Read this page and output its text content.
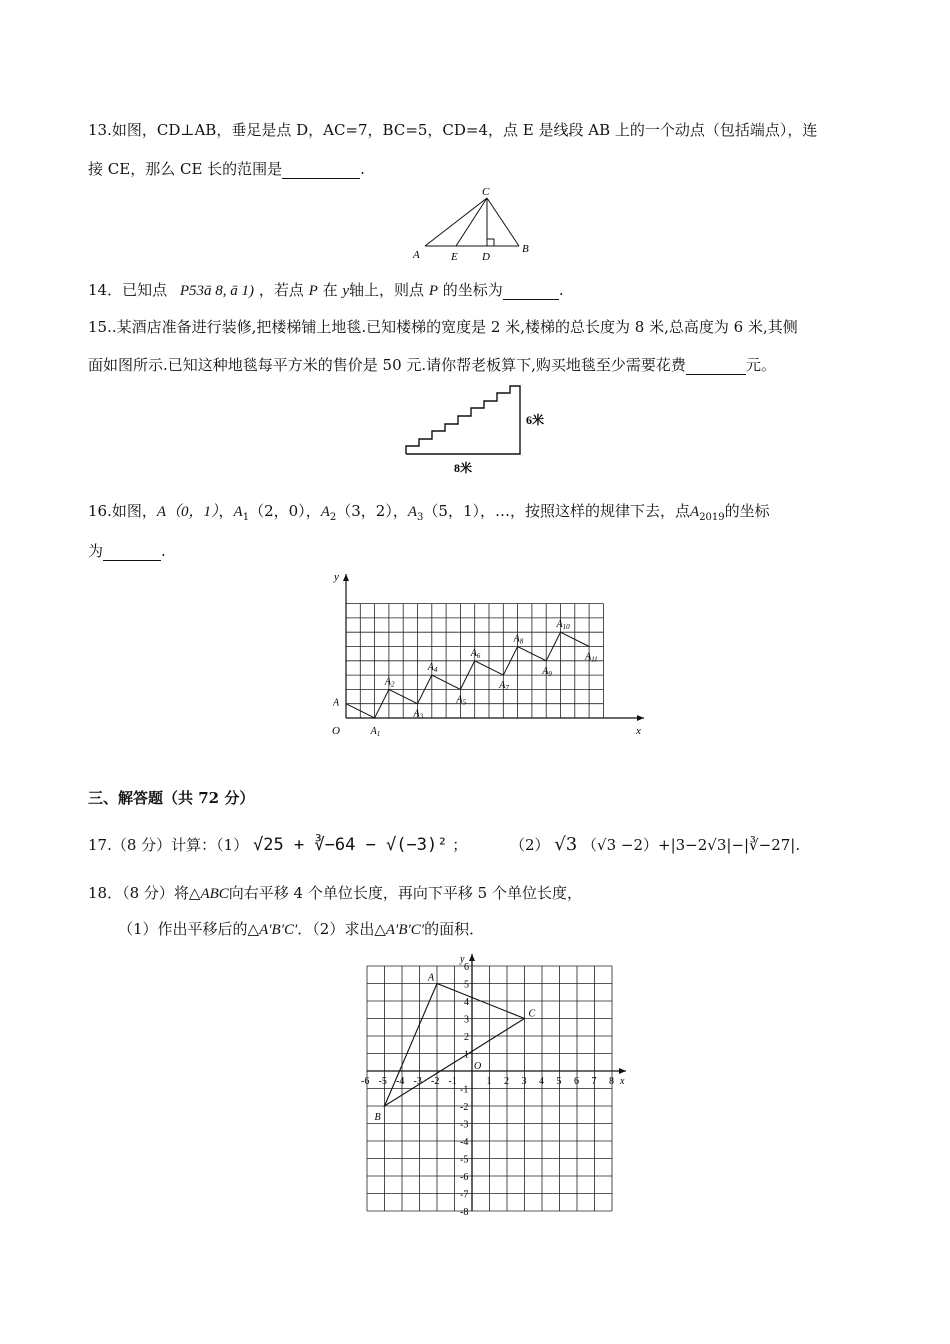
13.如图，CD⊥AB，垂足是点 D，AC=7，BC=5，CD=4，点 E 是线段 AB 上的一个动点（包括端点），连
接 CE，那么 CE 长的范围是	.
C
A	E D
B
14．已知点 P53ā 8, ā 1) ，若点 P 在 y轴上，则点 P 的坐标为	.
15..某酒店准备进行装修,把楼梯铺上地毯.已知楼梯的宽度是 2 米,楼梯的总长度为 8 米,总高度为 6 米,其侧
面如图所示.已知这种地毯每平方米的售价是 50 元.请你帮老板算下,购买地毯至少需要花费	元。
6米
8米
16.如图，A（0，1），$A_1(2$，0），$A_2(3$，2），$A_3(5$，1），…，按照这样的规律下去，点$A_{2019}$的坐标
为	.
y
x
O
A
$A_1$
$A_2$
$A_3$
$A_4$
$A_5$
$A_6$
$A_7$
$A_8$
$A_9$
$A_{10}$
$A_{11}$
三、解答题（共 72 分）
17.（8 分）计算：（1） √25 + ∛−64 − √(−3)² ；	（2） √3 （√3 −2）+|3−2√3|−|∛−27|.
18．（8 分）将△ABC向右平移 4 个单位长度，再向下平移 5 个单位长度，
（1）作出平移后的△A′B′C′．（2）求出△A′B′C′的面积．
x
y
O
-6 -5 -4 -3 -2 -1	1 2 3 4 5 6 7 8
6
5
4
3
2
1
-1
-2
-3
-4
-5
-6
-7
-8
A
B
C
